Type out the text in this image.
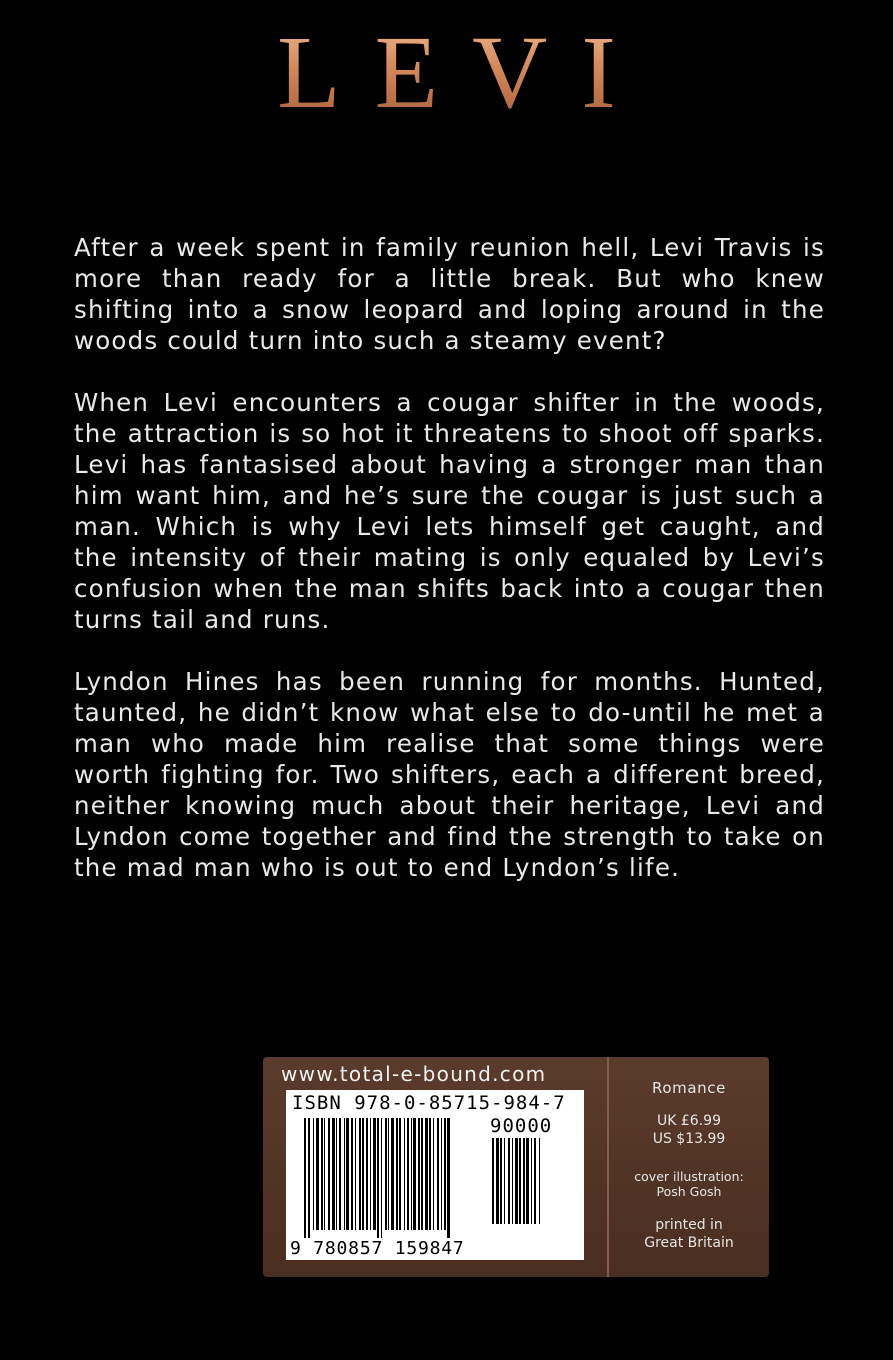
LEVI

After a week spent in family reunion hell, Levi Travis is more than ready for a little break. But who knew shifting into a snow leopard and loping around in the woods could turn into such a steamy event?

When Levi encounters a cougar shifter in the woods, the attraction is so hot it threatens to shoot off sparks. Levi has fantasised about having a stronger man than him want him, and he’s sure the cougar is just such a man. Which is why Levi lets himself get caught, and the intensity of their mating is only equaled by Levi’s confusion when the man shifts back into a cougar then turns tail and runs.

Lyndon Hines has been running for months. Hunted, taunted, he didn’t know what else to do-until he met a man who made him realise that some things were worth fighting for. Two shifters, each a different breed, neither knowing much about their heritage, Levi and Lyndon come together and find the strength to take on the mad man who is out to end Lyndon’s life.

www.total-e-bound.com
ISBN 978-0-85715-984-7
90000
9 780857 159847
Romance
UK £6.99
US $13.99
cover illustration:
Posh Gosh
printed in
Great Britain
